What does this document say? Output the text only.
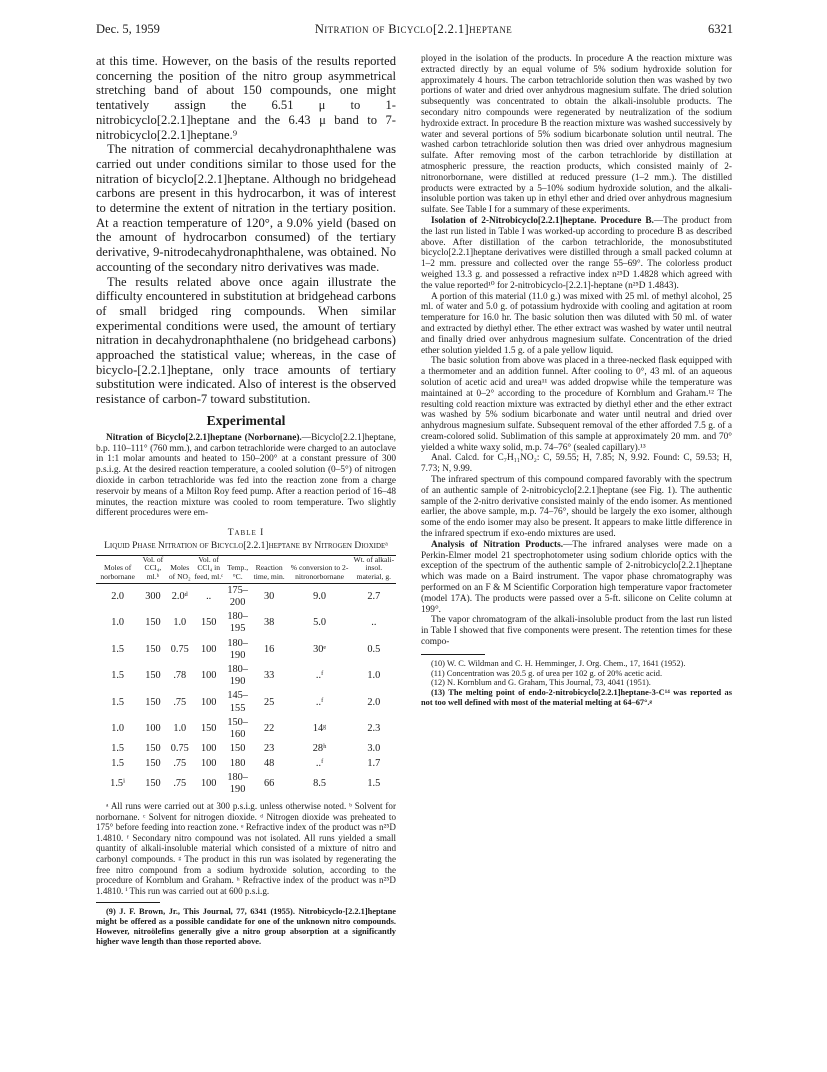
Dec. 5, 1959	Nitration of Bicyclo[2.2.1]heptane	6321

at this time. However, on the basis of the results reported concerning the position of the nitro group asymmetrical stretching band of about 150 compounds, one might tentatively assign the 6.51 μ to 1-nitrobicyclo[2.2.1]heptane and the 6.43 μ band to 7-nitrobicyclo[2.2.1]heptane.⁹

The nitration of commercial decahydronaphthalene was carried out under conditions similar to those used for the nitration of bicyclo[2.2.1]heptane. Although no bridgehead carbons are present in this hydrocarbon, it was of interest to determine the extent of nitration in the tertiary position. At a reaction temperature of 120°, a 9.0% yield (based on the amount of hydrocarbon consumed) of the tertiary derivative, 9-nitrodecahydronaphthalene, was obtained. No accounting of the secondary nitro derivatives was made.

The results related above once again illustrate the difficulty encountered in substitution at bridgehead carbons of small bridged ring compounds. When similar experimental conditions were used, the amount of tertiary nitration in decahydronaphthalene (no bridgehead carbons) approached the statistical value; whereas, in the case of bicyclo-[2.2.1]heptane, only trace amounts of tertiary substitution were indicated. Also of interest is the observed resistance of carbon-7 toward substitution.

Experimental

Nitration of Bicyclo[2.2.1]heptane (Norbornane).—Bicyclo[2.2.1]heptane, b.p. 110–111° (760 mm.), and carbon tetrachloride were charged to an autoclave in 1:1 molar amounts and heated to 150–200° at a constant pressure of 300 p.s.i.g. At the desired reaction temperature, a cooled solution (0–5°) of nitrogen dioxide in carbon tetrachloride was fed into the reaction zone from a charge reservoir by means of a Milton Roy feed pump. After a reaction period of 16–48 minutes, the reaction mixture was cooled to room temperature. Two slightly different procedures were em-

Table I
Liquid Phase Nitration of Bicyclo[2.2.1]heptane by Nitrogen Dioxideᵃ
Moles of norbornane	Vol. of CCl₄, ml.ᵇ	Moles of NO₂	Vol. of CCl₄ in feed, ml.ᶜ	Temp., °C.	Reaction time, min.	% conversion to 2-nitronorbornane	Wt. of alkali-insol. material, g.
2.0	300	2.0ᵈ	..	175–200	30	9.0	2.7
1.0	150	1.0	150	180–195	38	5.0	..
1.5	150	0.75	100	180–190	16	30ᵉ	0.5
1.5	150	.78	100	180–190	33	..ᶠ	1.0
1.5	150	.75	100	145–155	25	..ᶠ	2.0
1.0	100	1.0	150	150–160	22	14ᵍ	2.3
1.5	150	0.75	100	150	23	28ʰ	3.0
1.5	150	.75	100	180	48	..ᶠ	1.7
1.5ⁱ	150	.75	100	180–190	66	8.5	1.5

ᵃ All runs were carried out at 300 p.s.i.g. unless otherwise noted. ᵇ Solvent for norbornane. ᶜ Solvent for nitrogen dioxide. ᵈ Nitrogen dioxide was preheated to 175° before feeding into reaction zone. ᵉ Refractive index of the product was n²⁵D 1.4810. ᶠ Secondary nitro compound was not isolated. All runs yielded a small quantity of alkali-insoluble material which consisted of a mixture of nitro and carbonyl compounds. ᵍ The product in this run was isolated by regenerating the free nitro compound from a sodium hydroxide solution, according to the procedure of Kornblum and Graham. ʰ Refractive index of the product was n²⁵D 1.4810. ⁱ This run was carried out at 600 p.s.i.g.

(9) J. F. Brown, Jr., This Journal, 77, 6341 (1955). Nitrobicyclo-[2.2.1]heptane might be offered as a possible candidate for one of the unknown nitro compounds. However, nitroölefins generally give a nitro group absorption at a significantly higher wave length than those reported above.

ployed in the isolation of the products. In procedure A the reaction mixture was extracted directly by an equal volume of 5% sodium hydroxide solution for approximately 4 hours. The carbon tetrachloride solution then was washed by two portions of water and dried over anhydrous magnesium sulfate. The dried solution subsequently was concentrated to obtain the alkali-insoluble products. The secondary nitro compounds were regenerated by neutralization of the sodium hydroxide extract. In procedure B the reaction mixture was washed successively by water and several portions of 5% sodium bicarbonate solution until neutral. The washed carbon tetrachloride solution then was dried over anhydrous magnesium sulfate. After removing most of the carbon tetrachloride by distillation at atmospheric pressure, the reaction products, which consisted mainly of 2-nitronorbornane, were distilled at reduced pressure (1–2 mm.). The distilled products were extracted by a 5–10% sodium hydroxide solution, and the alkali-insoluble portion was taken up in ethyl ether and dried over anhydrous magnesium sulfate. See Table I for a summary of these experiments.

Isolation of 2-Nitrobicyclo[2.2.1]heptane. Procedure B.—The product from the last run listed in Table I was worked-up according to procedure B as described above. After distillation of the carbon tetrachloride, the monosubstituted bicyclo[2.2.1]heptane derivatives were distilled through a small packed column at 1–2 mm. pressure and collected over the range 55–69°. The colorless product weighed 13.3 g. and possessed a refractive index n²⁵D 1.4828 which agreed with the value reported¹⁰ for 2-nitrobicyclo-[2.2.1]-heptane (n²⁵D 1.4843).

A portion of this material (11.0 g.) was mixed with 25 ml. of methyl alcohol, 25 ml. of water and 5.0 g. of potassium hydroxide with cooling and agitation at room temperature for 16.0 hr. The basic solution then was diluted with 50 ml. of water and extracted by diethyl ether. The ether extract was washed by water until neutral and finally dried over anhydrous magnesium sulfate. Concentration of the dried ether solution yielded 1.5 g. of a pale yellow liquid.

The basic solution from above was placed in a three-necked flask equipped with a thermometer and an addition funnel. After cooling to 0°, 43 ml. of an aqueous solution of acetic acid and urea¹¹ was added dropwise while the temperature was maintained at 0–2° according to the procedure of Kornblum and Graham.¹² The resulting cold reaction mixture was extracted by diethyl ether and the ether extract was washed by 5% sodium bicarbonate and water until neutral and dried over anhydrous magnesium sulfate. Subsequent removal of the ether afforded 7.5 g. of a cream-colored solid. Sublimation of this sample at approximately 20 mm. and 70° yielded a white waxy solid, m.p. 74–76° (sealed capillary).¹³

Anal. Calcd. for C₇H₁₁NO₂: C, 59.55; H, 7.85; N, 9.92. Found: C, 59.53; H, 7.73; N, 9.99.

The infrared spectrum of this compound compared favorably with the spectrum of an authentic sample of 2-nitrobicyclo[2.2.1]heptane (see Fig. 1). The authentic sample of the 2-nitro derivative consisted mainly of the endo isomer. As mentioned earlier, the above sample, m.p. 74–76°, should be largely the exo isomer, although some of the endo isomer may also be present. It appears to make little difference in the infrared spectrum if exo-endo mixtures are used.

Analysis of Nitration Products.—The infrared analyses were made on a Perkin-Elmer model 21 spectrophotometer using sodium chloride optics with the exception of the spectrum of the authentic sample of 2-nitrobicyclo[2.2.1]heptane which was made on a Baird instrument. The vapor phase chromatography was performed on an F & M Scientific Corporation high temperature vapor fractometer (model 17A). The products were passed over a 5-ft. silicone on Celite column at 199°.

The vapor chromatogram of the alkali-insoluble product from the last run listed in Table I showed that five components were present. The retention times for these compo-

(10) W. C. Wildman and C. H. Hemminger, J. Org. Chem., 17, 1641 (1952).

(11) Concentration was 20.5 g. of urea per 102 g. of 20% acetic acid.

(12) N. Kornblum and G. Graham, This Journal, 73, 4041 (1951).

(13) The melting point of endo-2-nitrobicyclo[2.2.1]heptane-3-C¹⁴ was reported as not too well defined with most of the material melting at 64–67°.ᵍ
